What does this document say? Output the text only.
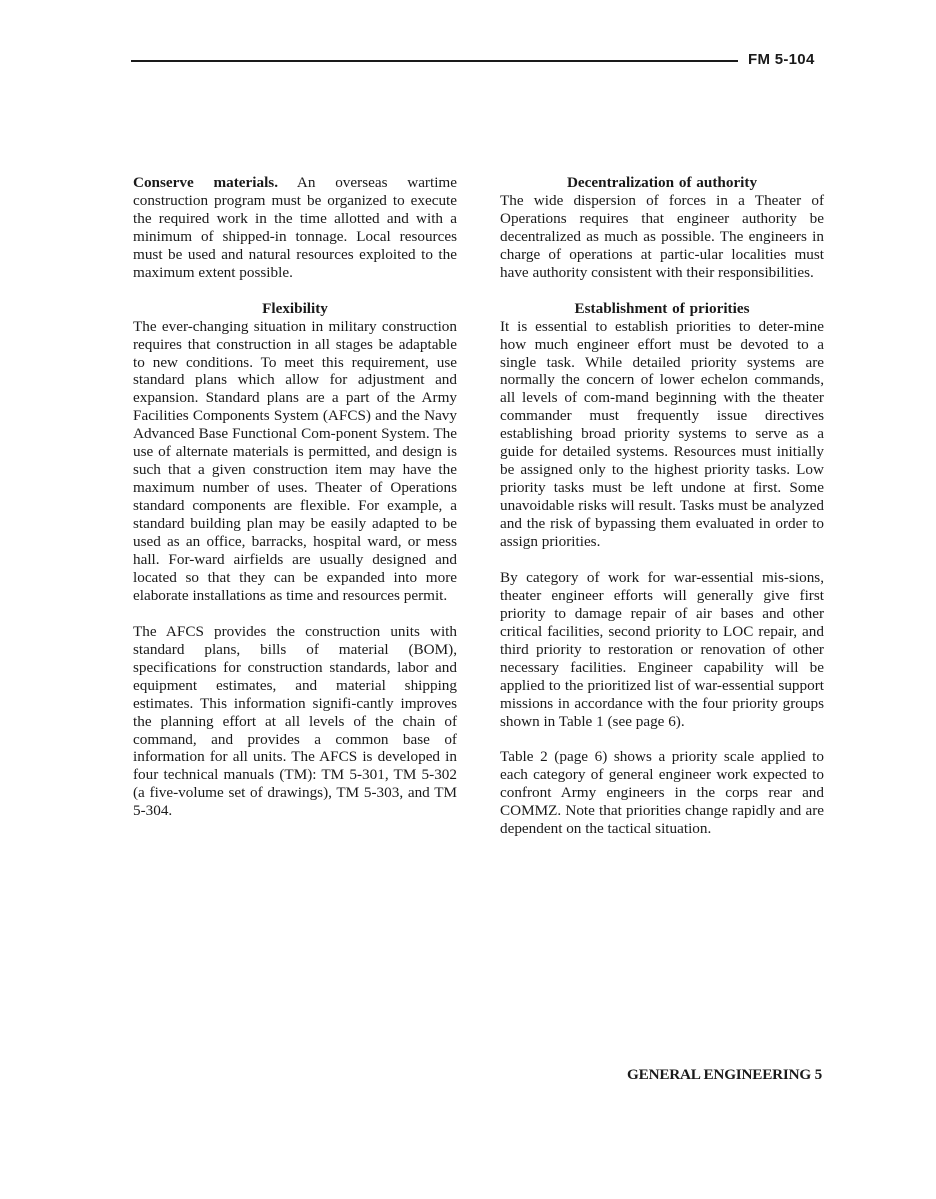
FM 5-104

Conserve materials. An overseas wartime construction program must be organized to execute the required work in the time allotted and with a minimum of shipped-in tonnage. Local resources must be used and natural resources exploited to the maximum extent possible.

Flexibility

The ever-changing situation in military construction requires that construction in all stages be adaptable to new conditions. To meet this requirement, use standard plans which allow for adjustment and expansion. Standard plans are a part of the Army Facilities Components System (AFCS) and the Navy Advanced Base Functional Com-ponent System. The use of alternate materials is permitted, and design is such that a given construction item may have the maximum number of uses. Theater of Operations standard components are flexible. For example, a standard building plan may be easily adapted to be used as an office, barracks, hospital ward, or mess hall. For-ward airfields are usually designed and located so that they can be expanded into more elaborate installations as time and resources permit.

The AFCS provides the construction units with standard plans, bills of material (BOM), specifications for construction standards, labor and equipment estimates, and material shipping estimates. This information signifi-cantly improves the planning effort at all levels of the chain of command, and provides a common base of information for all units. The AFCS is developed in four technical manuals (TM): TM 5-301, TM 5-302 (a five-volume set of drawings), TM 5-303, and TM 5-304.

Decentralization of authority

The wide dispersion of forces in a Theater of Operations requires that engineer authority be decentralized as much as possible. The engineers in charge of operations at partic-ular localities must have authority consistent with their responsibilities.

Establishment of priorities

It is essential to establish priorities to deter-mine how much engineer effort must be devoted to a single task. While detailed priority systems are normally the concern of lower echelon commands, all levels of com-mand beginning with the theater commander must frequently issue directives establishing broad priority systems to serve as a guide for detailed systems. Resources must initially be assigned only to the highest priority tasks. Low priority tasks must be left undone at first. Some unavoidable risks will result. Tasks must be analyzed and the risk of bypassing them evaluated in order to assign priorities.

By category of work for war-essential mis-sions, theater engineer efforts will generally give first priority to damage repair of air bases and other critical facilities, second priority to LOC repair, and third priority to restoration or renovation of other necessary facilities. Engineer capability will be applied to the prioritized list of war-essential support missions in accordance with the four priority groups shown in Table 1 (see page 6).

Table 2 (page 6) shows a priority scale applied to each category of general engineer work expected to confront Army engineers in the corps rear and COMMZ. Note that priorities change rapidly and are dependent on the tactical situation.

GENERAL ENGINEERING 5
